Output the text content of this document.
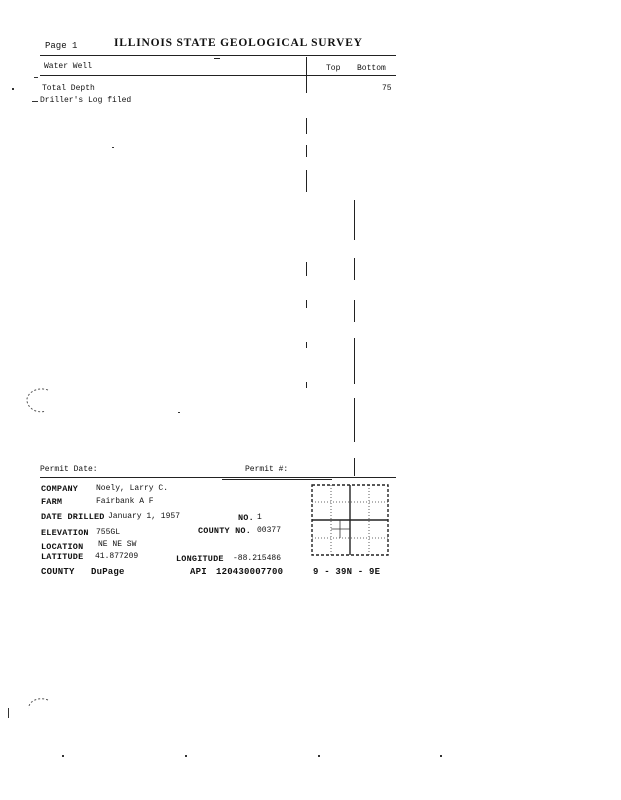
Page 1	ILLINOIS STATE GEOLOGICAL SURVEY
Water Well	Top Bottom
Total Depth	75
Driller's Log filed
Permit Date:	Permit #:
COMPANY Noely, Larry C.
FARM	Fairbank A F
DATE DRILLED January 1, 1957	NO. 1
ELEVATION 755GL	COUNTY NO. 00377
LOCATION NE NE SW
LATITUDE 41.877209	LONGITUDE -88.215486
COUNTY DuPage	API 120430007700	9 - 39N - 9E
